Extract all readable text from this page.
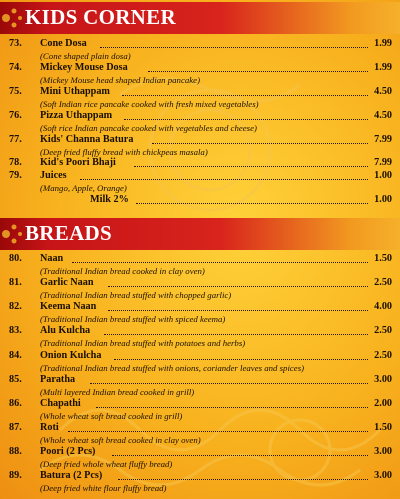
KIDS CORNER
BREADS
73.	Cone Dosa	1.99
(Cone shaped plain dosa)
74.	Mickey Mouse Dosa	1.99
(Mickey Mouse head shaped Indian pancake)
75.	Mini Uthappam	4.50
(Soft Indian rice pancake cooked with fresh mixed vegetables)
76.	Pizza Uthappam	4.50
(Soft rice Indian pancake cooked with vegetables and cheese)
77.	Kids' Channa Batura	7.99
(Deep fried fluffy bread with chickpeas masala)
78.	Kid's Poori Bhaji	7.99
79.	Juices	1.00
(Mango, Apple, Orange)
Milk 2%	1.00
80.	Naan	1.50
(Traditional Indian bread cooked in clay oven)
81.	Garlic Naan	2.50
(Traditional Indian bread stuffed with chopped garlic)
82.	Keema Naan	4.00
(Traditional Indian bread stuffed with spiced keema)
83.	Alu Kulcha	2.50
(Traditional Indian bread stuffed with potatoes and herbs)
84.	Onion Kulcha	2.50
(Traditional Indian bread stuffed with onions, coriander leaves and spices)
85.	Paratha	3.00
(Multi layered Indian bread cooked in grill)
86.	Chapathi	2.00
(Whole wheat soft bread cooked in grill)
87.	Roti	1.50
(Whole wheat soft bread cooked in clay oven)
88.	Poori (2 Pcs)	3.00
(Deep fried whole wheat fluffy bread)
89.	Batura (2 Pcs)	3.00
(Deep fried white flour fluffy bread)
